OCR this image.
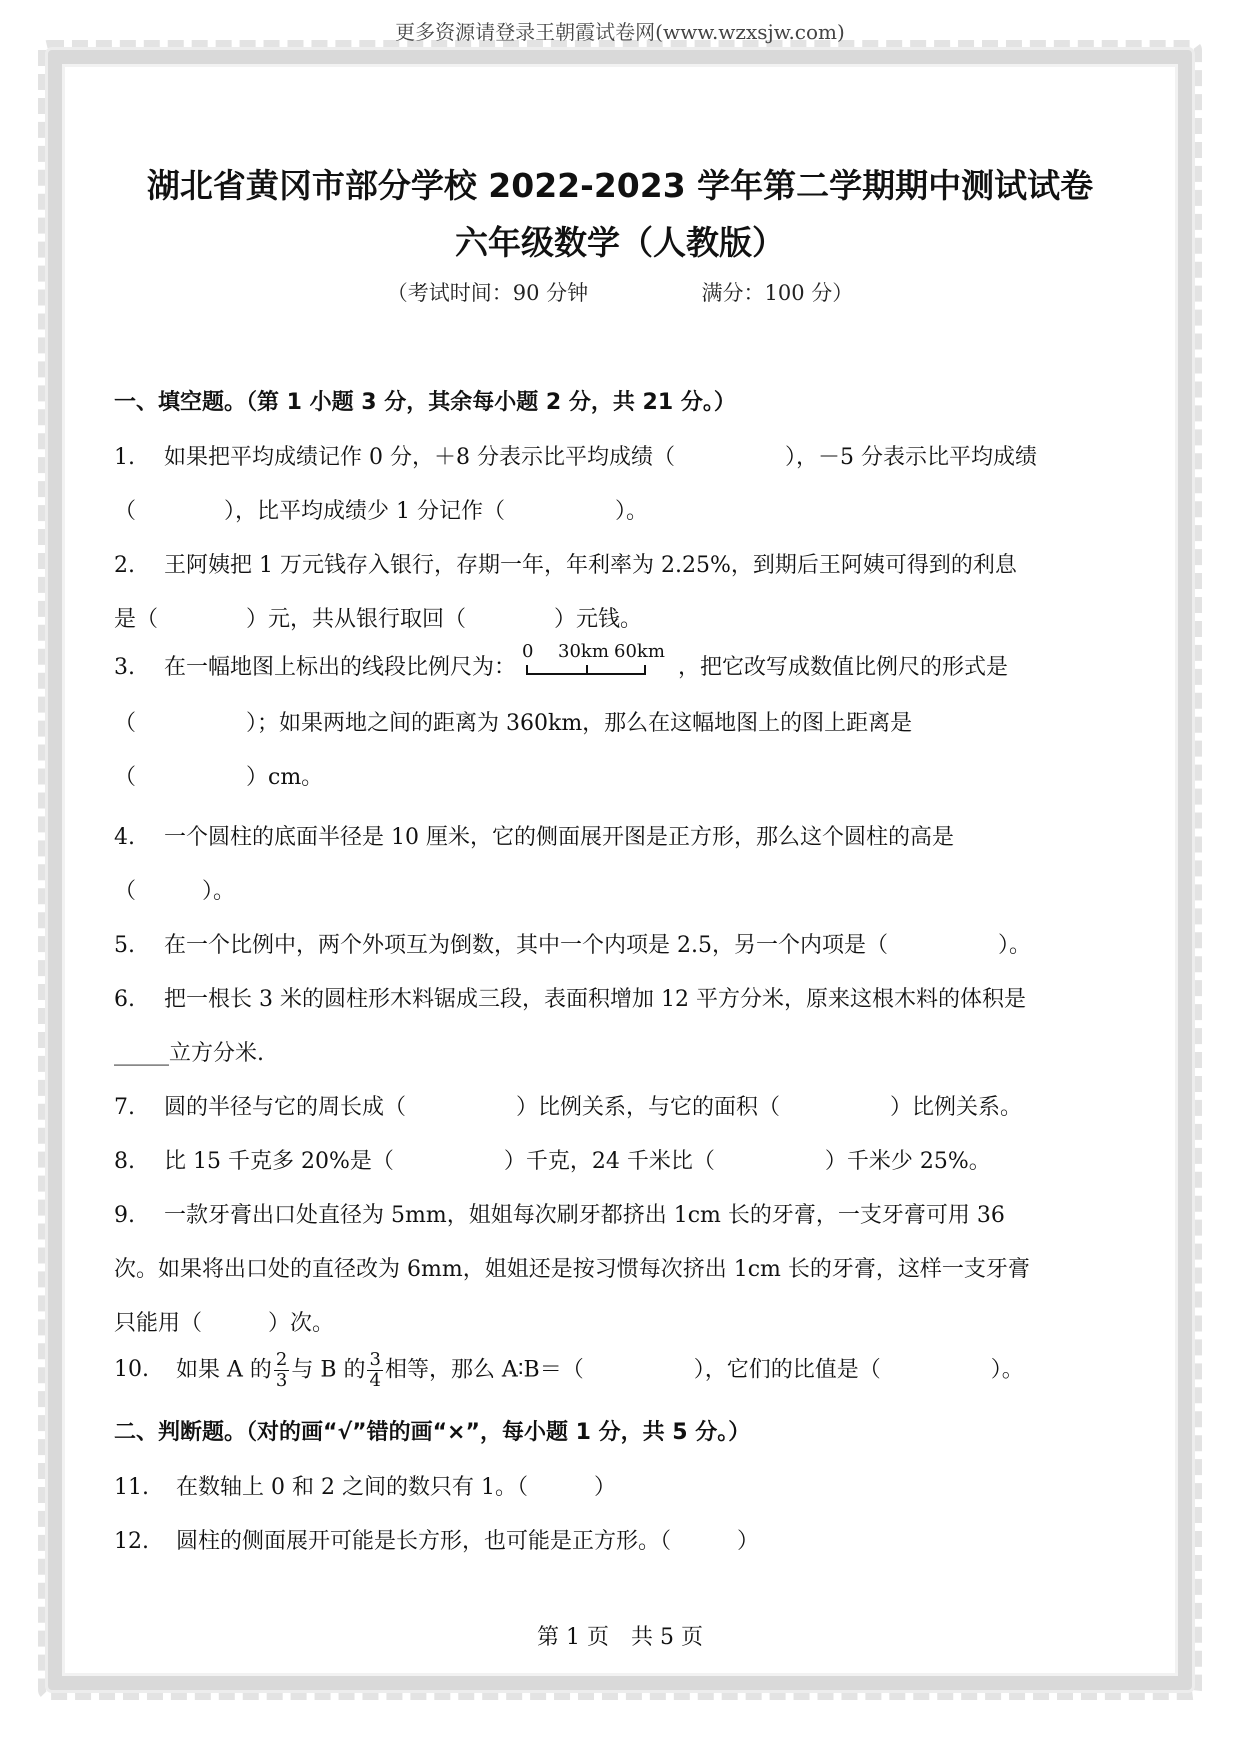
更多资源请登录王朝霞试卷网(www.wzxsjw.com)
湖北省黄冈市部分学校 2022-2023 学年第二学期期中测试试卷
六年级数学（人教版）
（考试时间：90 分钟	满分：100 分）
一、填空题。（第 1 小题 3 分，其余每小题 2 分，共 21 分。）
1. 如果把平均成绩记作 0 分，＋8 分表示比平均成绩（　　　　　），－5 分表示比平均成绩
（　　　　），比平均成绩少 1 分记作（　　　　　）。
2. 王阿姨把 1 万元钱存入银行，存期一年，年利率为 2.25%，到期后王阿姨可得到的利息
是（　　　　）元，共从银行取回（　　　　）元钱。
3. 在一幅地图上标出的线段比例尺为：
0 30km 60km
，把它改写成数值比例尺的形式是
（　　　　　）；如果两地之间的距离为 360km，那么在这幅地图上的图上距离是
（　　　　　）cm。
4. 一个圆柱的底面半径是 10 厘米，它的侧面展开图是正方形，那么这个圆柱的高是
（　　　）。
5. 在一个比例中，两个外项互为倒数，其中一个内项是 2.5，另一个内项是（　　　　　）。
6. 把一根长 3 米的圆柱形木料锯成三段，表面积增加 12 平方分米，原来这根木料的体积是
_____立方分米.
7. 圆的半径与它的周长成（　　　　　）比例关系，与它的面积（　　　　　）比例关系。
8. 比 15 千克多 20%是（　　　　　）千克，24 千米比（　　　　　）千米少 25%。
9. 一款牙膏出口处直径为 5mm，姐姐每次刷牙都挤出 1cm 长的牙膏，一支牙膏可用 36
次。如果将出口处的直径改为 6mm，姐姐还是按习惯每次挤出 1cm 长的牙膏，这样一支牙膏
只能用（　　　）次。
10. 如果 A 的 $\frac{2}{3}$ 与 B 的 $\frac{3}{4}$ 相等，那么 A∶B＝（　　　　　），它们的比值是（　　　　　）。
二、判断题。（对的画“√”错的画“×”，每小题 1 分，共 5 分。）
11. 在数轴上 0 和 2 之间的数只有 1。（　　　）
12. 圆柱的侧面展开可能是长方形，也可能是正方形。（　　　）
第 1 页　共 5 页
